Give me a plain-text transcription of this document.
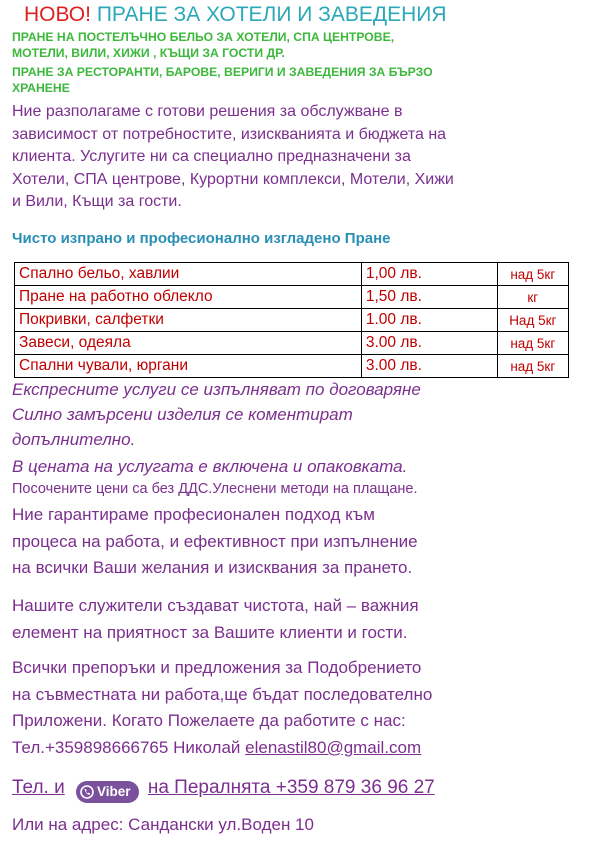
НОВО! ПРАНЕ ЗА ХОТЕЛИ И ЗАВЕДЕНИЯ
ПРАНЕ НА ПОСТЕЛЪЧНО БЕЛЬО ЗА ХОТЕЛИ, СПА ЦЕНТРОВЕ,
МОТЕЛИ, ВИЛИ, ХИЖИ , КЪЩИ ЗА ГОСТИ ДР.
ПРАНЕ ЗА РЕСТОРАНТИ, БАРОВЕ, ВЕРИГИ И ЗАВЕДЕНИЯ ЗА БЪРЗО
ХРАНЕНЕ

Ние разполагаме с готови решения за обслужване в
зависимост от потребностите, изискванията и бюджета на
клиента. Услугите ни са специално предназначени за
Хотели, СПА центрове, Курортни комплекси, Мотели, Хижи
и Вили, Къщи за гости.

Чисто изпрано и професионално изгладено Пране
Спално бельо, хавлии	1,00 лв.	над 5кг
Пране на работно облекло	1,50 лв.	кг
Покривки, салфетки	1.00 лв.	Над 5кг
Завеси, одеяла	3.00 лв.	над 5кг
Спални чували, юргани	3.00 лв.	над 5кг

Експресните услуги се изпълняват по договаряне

Силно замърсени изделия се коментират

допълнително.

В цената на услугата е включена и опаковката.

Посочените цени са без ДДС.Улеснени методи на плащане.

Ние гарантираме професионален подход към
процеса на работа, и ефективност при изпълнение
на всички Ваши желания и изисквания за прането.

Нашите служители създават чистота, най – важния
елемент на приятност за Вашите клиенти и гости.

Всички препоръки и предложения за Подобрението
на съвместната ни работа,ще бъдат последователно
Приложени. Когато Пожелаете да работите с нас:
Тел.+359898666765 Николай elenastil80@gmail.com

Тел. и Viber на Пералнята +359 879 36 96 27
Или на адрес: Сандански ул.Воден 10
